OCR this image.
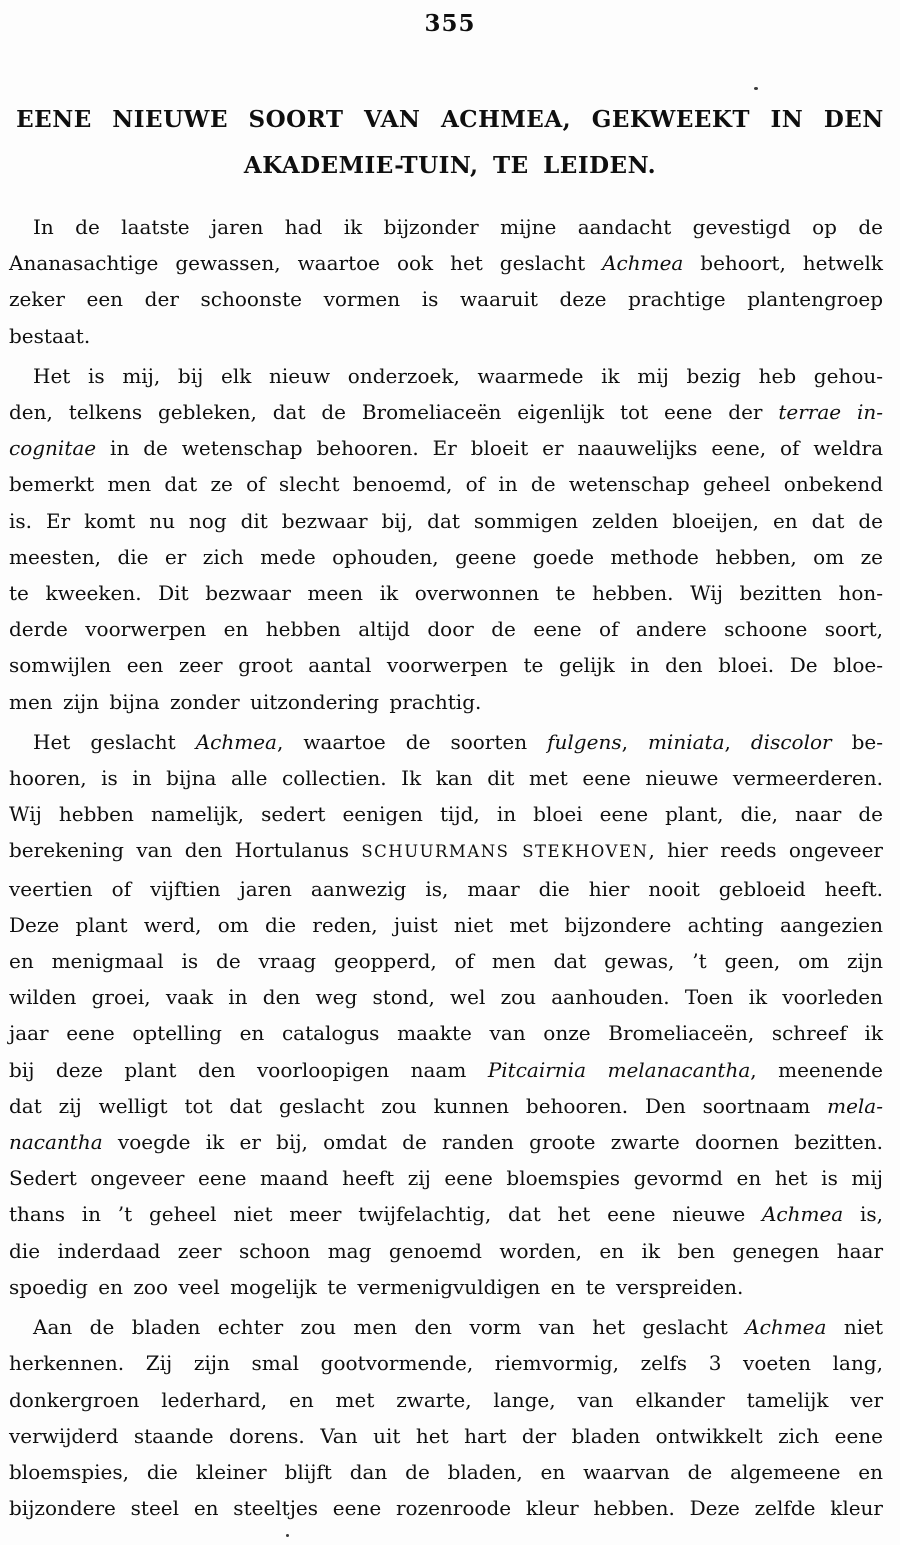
355
EENE NIEUWE SOORT VAN ACHMEA, GEKWEEKT IN DEN
AKADEMIE-TUIN, TE LEIDEN.
In de laatste jaren had ik bijzonder mijne aandacht gevestigd op de
Ananasachtige gewassen, waartoe ook het geslacht Achmea behoort, hetwelk
zeker een der schoonste vormen is waaruit deze prachtige plantengroep
bestaat.
Het is mij, bij elk nieuw onderzoek, waarmede ik mij bezig heb gehou-
den, telkens gebleken, dat de Bromeliaceën eigenlijk tot eene der terrae in-
cognitae in de wetenschap behooren. Er bloeit er naauwelijks eene, of weldra
bemerkt men dat ze of slecht benoemd, of in de wetenschap geheel onbekend
is. Er komt nu nog dit bezwaar bij, dat sommigen zelden bloeijen, en dat de
meesten, die er zich mede ophouden, geene goede methode hebben, om ze
te kweeken. Dit bezwaar meen ik overwonnen te hebben. Wij bezitten hon-
derde voorwerpen en hebben altijd door de eene of andere schoone soort,
somwijlen een zeer groot aantal voorwerpen te gelijk in den bloei. De bloe-
men zijn bijna zonder uitzondering prachtig.
Het geslacht Achmea, waartoe de soorten fulgens, miniata, discolor be-
hooren, is in bijna alle collectien. Ik kan dit met eene nieuwe vermeerderen.
Wij hebben namelijk, sedert eenigen tijd, in bloei eene plant, die, naar de
berekening van den Hortulanus SCHUURMANS STEKHOVEN, hier reeds ongeveer
veertien of vijftien jaren aanwezig is, maar die hier nooit gebloeid heeft.
Deze plant werd, om die reden, juist niet met bijzondere achting aangezien
en menigmaal is de vraag geopperd, of men dat gewas, ’t geen, om zijn
wilden groei, vaak in den weg stond, wel zou aanhouden. Toen ik voorleden
jaar eene optelling en catalogus maakte van onze Bromeliaceën, schreef ik
bij deze plant den voorloopigen naam Pitcairnia melanacantha, meenende
dat zij welligt tot dat geslacht zou kunnen behooren. Den soortnaam mela-
nacantha voegde ik er bij, omdat de randen groote zwarte doornen bezitten.
Sedert ongeveer eene maand heeft zij eene bloemspies gevormd en het is mij
thans in ’t geheel niet meer twijfelachtig, dat het eene nieuwe Achmea is,
die inderdaad zeer schoon mag genoemd worden, en ik ben genegen haar
spoedig en zoo veel mogelijk te vermenigvuldigen en te verspreiden.
Aan de bladen echter zou men den vorm van het geslacht Achmea niet
herkennen. Zij zijn smal gootvormende, riemvormig, zelfs 3 voeten lang,
donkergroen lederhard, en met zwarte, lange, van elkander tamelijk ver
verwijderd staande dorens. Van uit het hart der bladen ontwikkelt zich eene
bloemspies, die kleiner blijft dan de bladen, en waarvan de algemeene en
bijzondere steel en steeltjes eene rozenroode kleur hebben. Deze zelfde kleur
